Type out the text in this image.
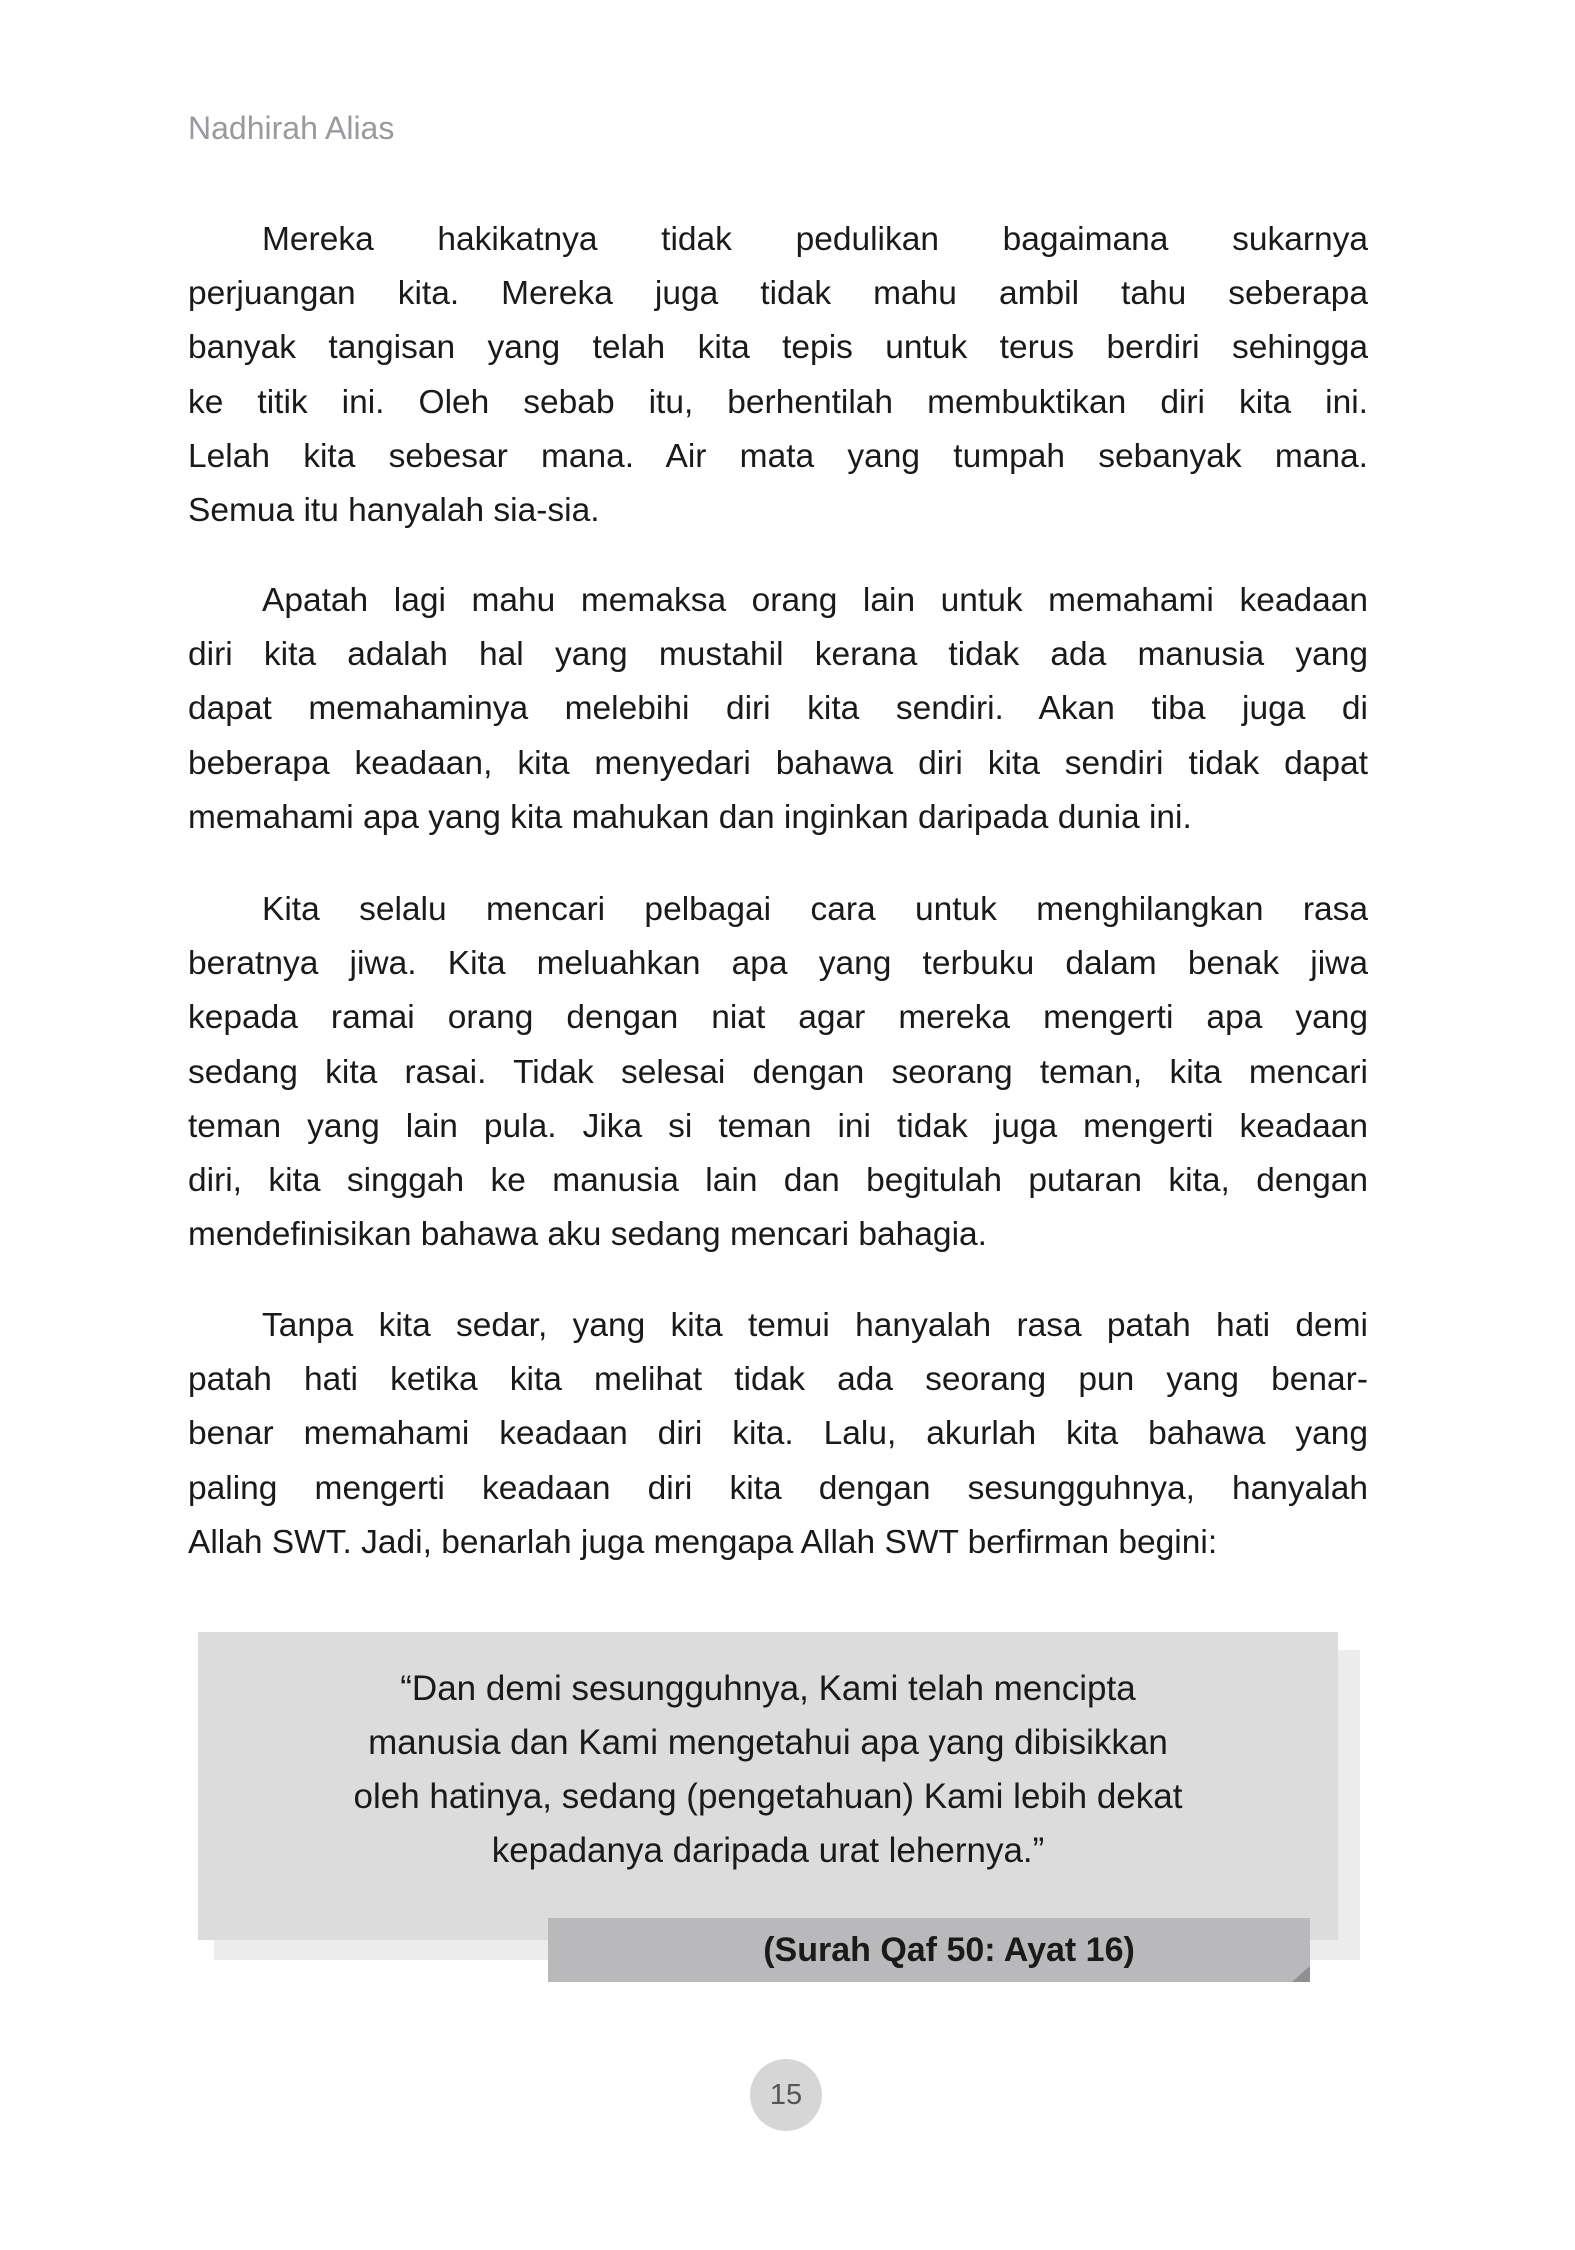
Nadhirah Alias
Mereka hakikatnya tidak pedulikan bagaimana sukarnya
perjuangan kita. Mereka juga tidak mahu ambil tahu seberapa
banyak tangisan yang telah kita tepis untuk terus berdiri sehingga
ke titik ini. Oleh sebab itu, berhentilah membuktikan diri kita ini.
Lelah kita sebesar mana. Air mata yang tumpah sebanyak mana.
Semua itu hanyalah sia-sia.
Apatah lagi mahu memaksa orang lain untuk memahami keadaan
diri kita adalah hal yang mustahil kerana tidak ada manusia yang
dapat memahaminya melebihi diri kita sendiri. Akan tiba juga di
beberapa keadaan, kita menyedari bahawa diri kita sendiri tidak dapat
memahami apa yang kita mahukan dan inginkan daripada dunia ini.
Kita selalu mencari pelbagai cara untuk menghilangkan rasa
beratnya jiwa. Kita meluahkan apa yang terbuku dalam benak jiwa
kepada ramai orang dengan niat agar mereka mengerti apa yang
sedang kita rasai. Tidak selesai dengan seorang teman, kita mencari
teman yang lain pula. Jika si teman ini tidak juga mengerti keadaan
diri, kita singgah ke manusia lain dan begitulah putaran kita, dengan
mendefinisikan bahawa aku sedang mencari bahagia.
Tanpa kita sedar, yang kita temui hanyalah rasa patah hati demi
patah hati ketika kita melihat tidak ada seorang pun yang benar-
benar memahami keadaan diri kita. Lalu, akurlah kita bahawa yang
paling mengerti keadaan diri kita dengan sesungguhnya, hanyalah
Allah SWT. Jadi, benarlah juga mengapa Allah SWT berfirman begini:
“Dan demi sesungguhnya, Kami telah mencipta
manusia dan Kami mengetahui apa yang dibisikkan
oleh hatinya, sedang (pengetahuan) Kami lebih dekat
kepadanya daripada urat lehernya.”
(Surah Qaf 50: Ayat 16)
15
